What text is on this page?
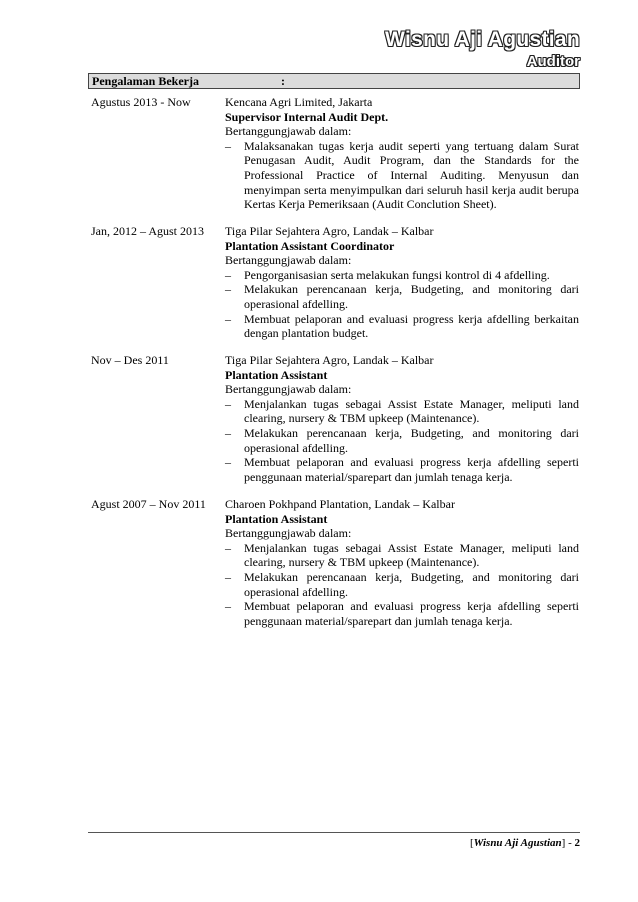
Wisnu Aji Agustian
Auditor
Pengalaman Bekerja	:
Agustus 2013 - Now	Kencana Agri Limited, Jakarta
Supervisor Internal Audit Dept.
Bertanggungjawab dalam:
– Malaksanakan tugas kerja audit seperti yang tertuang dalam Surat Penugasan Audit, Audit Program, dan the Standards for the Professional Practice of Internal Auditing. Menyusun dan menyimpan serta menyimpulkan dari seluruh hasil kerja audit berupa Kertas Kerja Pemeriksaan (Audit Conclution Sheet).
Jan, 2012 – Agust 2013	Tiga Pilar Sejahtera Agro, Landak – Kalbar
Plantation Assistant Coordinator
Bertanggungjawab dalam:
– Pengorganisasian serta melakukan fungsi kontrol di 4 afdelling.
– Melakukan perencanaan kerja, Budgeting, and monitoring dari operasional afdelling.
– Membuat pelaporan and evaluasi progress kerja afdelling berkaitan dengan plantation budget.
Nov – Des 2011	Tiga Pilar Sejahtera Agro, Landak – Kalbar
Plantation Assistant
Bertanggungjawab dalam:
– Menjalankan tugas sebagai Assist Estate Manager, meliputi land clearing, nursery & TBM upkeep (Maintenance).
– Melakukan perencanaan kerja, Budgeting, and monitoring dari operasional afdelling.
– Membuat pelaporan and evaluasi progress kerja afdelling seperti penggunaan material/sparepart dan jumlah tenaga kerja.
Agust 2007 – Nov 2011	Charoen Pokhpand Plantation, Landak – Kalbar
Plantation Assistant
Bertanggungjawab dalam:
– Menjalankan tugas sebagai Assist Estate Manager, meliputi land clearing, nursery & TBM upkeep (Maintenance).
– Melakukan perencanaan kerja, Budgeting, and monitoring dari operasional afdelling.
– Membuat pelaporan and evaluasi progress kerja afdelling seperti penggunaan material/sparepart dan jumlah tenaga kerja.
[Wisnu Aji Agustian] - 2
